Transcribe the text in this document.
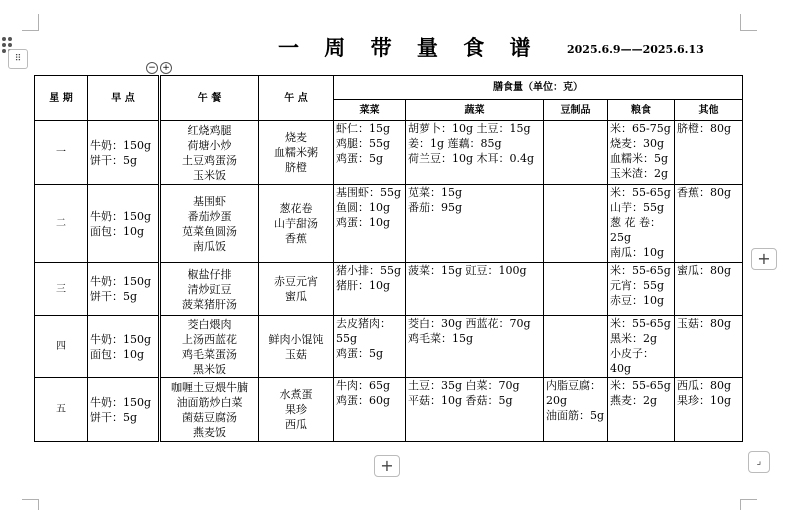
⠿
− +
一 周 带 量 食 谱 2025.6.9——2025.6.13
星 期	早 点	午 餐	午 点	膳食量（单位：克）				
				菜菜	蔬菜	豆制品	粮食	其他
一	牛奶：150g
饼干：5g	红烧鸡腿
荷塘小炒
土豆鸡蛋汤
玉米饭	烧麦
血糯米粥
脐橙	虾仁：15g
鸡腿：55g
鸡蛋：5g	胡萝卜：10g 土豆：15g
姜：1g 莲藕：85g
荷兰豆：10g 木耳：0.4g		米：65-75g
烧麦：30g
血糯米：5g
玉米渣：2g	脐橙：80g

二	牛奶：150g
面包：10g	基围虾
番茄炒蛋
苋菜鱼圆汤
南瓜饭	葱花卷
山芋甜汤
香蕉	基围虾：55g
鱼圆：10g
鸡蛋：10g	苋菜：15g
番茄：95g		米：55-65g
山芋：55g
葱 花 卷：
25g
南瓜：10g	香蕉：80g

三	牛奶：150g
饼干：5g	椒盐仔排
清炒豇豆
菠菜猪肝汤	赤豆元宵
蜜瓜	猪小排：55g
猪肝：10g	菠菜：15g 豇豆：100g		米：55-65g
元宵：55g
赤豆：10g	蜜瓜：80g

四	牛奶：150g
面包：10g	茭白煨肉
上汤西蓝花
鸡毛菜蛋汤
黑米饭	鲜肉小馄饨
玉菇	去皮猪肉：
55g
鸡蛋：5g	茭白：30g 西蓝花：70g
鸡毛菜：15g		米：55-65g
黑米：2g
小皮子：
40g	玉菇：80g

五	牛奶：150g
饼干：5g	咖喱土豆煨牛腩
油面筋炒白菜
菌菇豆腐汤
燕麦饭	水煮蛋
果珍
西瓜	牛肉：65g
鸡蛋：60g	土豆：35g 白菜：70g
平菇：10g 香菇：5g	内脂豆腐：
20g
油面筋：5g	米：55-65g
燕麦：2g	西瓜：80g
果珍：10g
+
+
⌟
